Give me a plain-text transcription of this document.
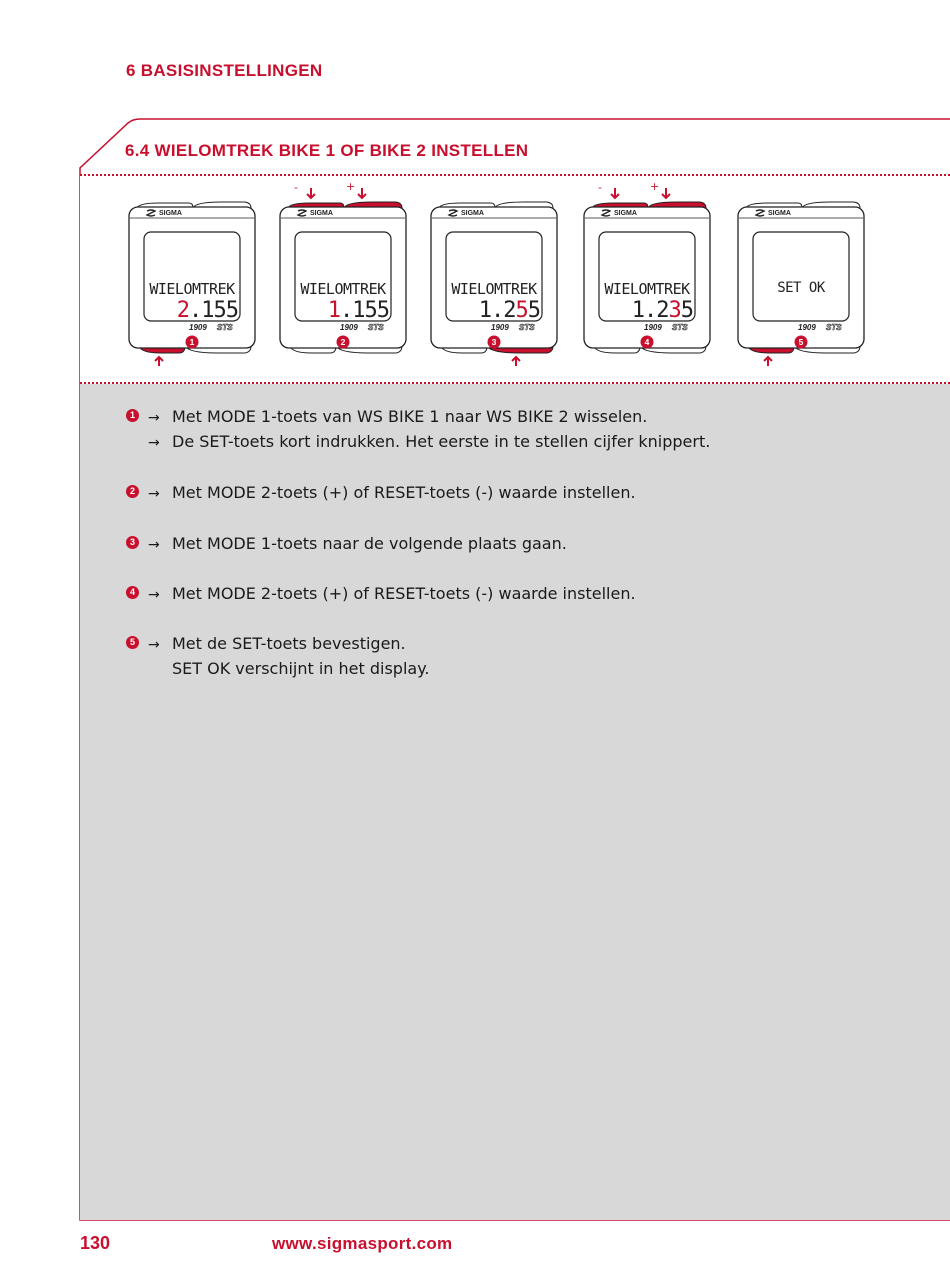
6 BASISINSTELLINGEN
6.4 WIELOMTREK BIKE 1 OF BIKE 2 INSTELLEN
SIGMA
WIELOMTREK
2.155
1909 STS
1
SIGMA
WIELOMTREK
1.155
1909 STS
2
-	+
SIGMA
WIELOMTREK
1.255
1909 STS
3
SIGMA
WIELOMTREK
1.235
1909 STS
4
-	+
SIGMA
SET OK
1909 STS
5
1 → Met MODE 1-toets van WS BIKE 1 naar WS BIKE 2 wisselen.
→ De SET-toets kort indrukken. Het eerste in te stellen cijfer knippert.
2 → Met MODE 2-toets (+) of RESET-toets (-) waarde instellen.
3 → Met MODE 1-toets naar de volgende plaats gaan.
4 → Met MODE 2-toets (+) of RESET-toets (-) waarde instellen.
5 → Met de SET-toets bevestigen.
SET OK verschijnt in het display.
130	www.sigmasport.com
